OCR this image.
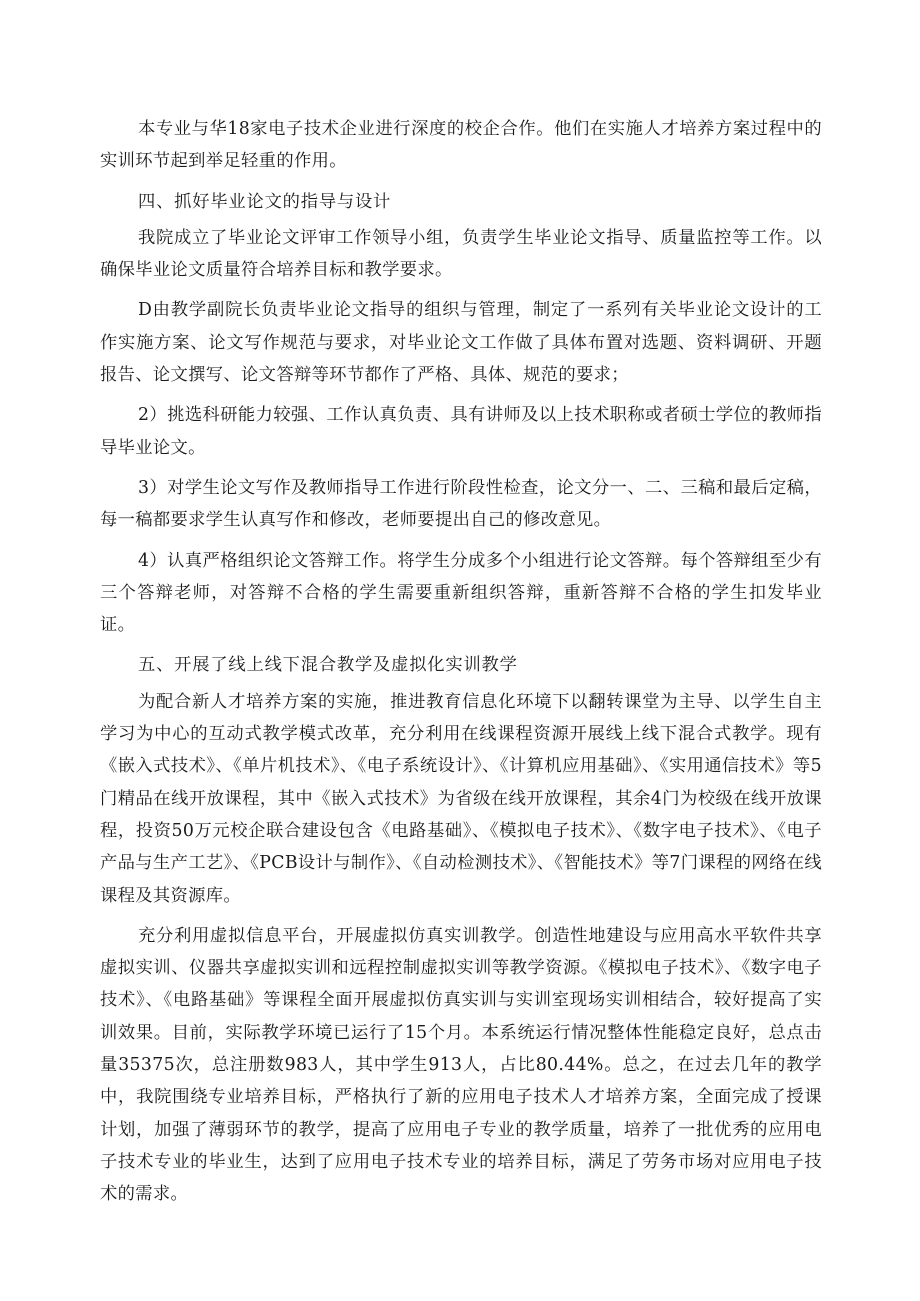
本专业与华18家电子技术企业进行深度的校企合作。他们在实施人才培养方案过程中的实训环节起到举足轻重的作用。

四、抓好毕业论文的指导与设计

我院成立了毕业论文评审工作领导小组，负责学生毕业论文指导、质量监控等工作。以确保毕业论文质量符合培养目标和教学要求。

D由教学副院长负责毕业论文指导的组织与管理，制定了一系列有关毕业论文设计的工作实施方案、论文写作规范与要求，对毕业论文工作做了具体布置对选题、资料调研、开题报告、论文撰写、论文答辩等环节都作了严格、具体、规范的要求；

2）挑选科研能力较强、工作认真负责、具有讲师及以上技术职称或者硕士学位的教师指导毕业论文。

3）对学生论文写作及教师指导工作进行阶段性检查，论文分一、二、三稿和最后定稿，每一稿都要求学生认真写作和修改，老师要提出自己的修改意见。

4）认真严格组织论文答辩工作。将学生分成多个小组进行论文答辩。每个答辩组至少有三个答辩老师，对答辩不合格的学生需要重新组织答辩，重新答辩不合格的学生扣发毕业证。

五、开展了线上线下混合教学及虚拟化实训教学

为配合新人才培养方案的实施，推进教育信息化环境下以翻转课堂为主导、以学生自主学习为中心的互动式教学模式改革，充分利用在线课程资源开展线上线下混合式教学。现有《嵌入式技术》、《单片机技术》、《电子系统设计》、《计算机应用基础》、《实用通信技术》等5门精品在线开放课程，其中《嵌入式技术》为省级在线开放课程，其余4门为校级在线开放课程，投资50万元校企联合建设包含《电路基础》、《模拟电子技术》、《数字电子技术》、《电子产品与生产工艺》、《PCB设计与制作》、《自动检测技术》、《智能技术》等7门课程的网络在线课程及其资源库。

充分利用虚拟信息平台，开展虚拟仿真实训教学。创造性地建设与应用高水平软件共享虚拟实训、仪器共享虚拟实训和远程控制虚拟实训等教学资源。《模拟电子技术》、《数字电子技术》、《电路基础》等课程全面开展虚拟仿真实训与实训室现场实训相结合，较好提高了实训效果。目前，实际教学环境已运行了15个月。本系统运行情况整体性能稳定良好，总点击量35375次，总注册数983人，其中学生913人，占比80.44%。总之，在过去几年的教学中，我院围绕专业培养目标，严格执行了新的应用电子技术人才培养方案，全面完成了授课计划，加强了薄弱环节的教学，提高了应用电子专业的教学质量，培养了一批优秀的应用电子技术专业的毕业生，达到了应用电子技术专业的培养目标，满足了劳务市场对应用电子技术的需求。
